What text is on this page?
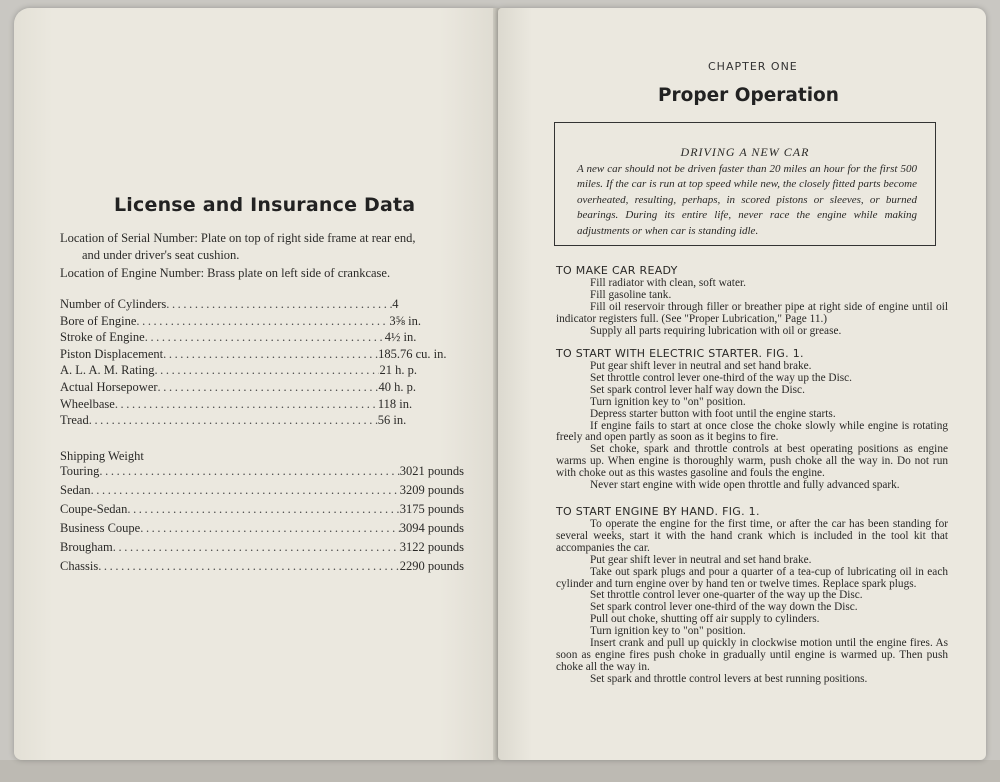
License and Insurance Data
Location of Serial Number: Plate on top of right side frame at rear end,
and under driver's seat cushion.
Location of Engine Number: Brass plate on left side of crankcase.
Number of Cylinders .....	4
Bore of Engine .....	3⅝ in.
Stroke of Engine .....	4½ in.
Piston Displacement .....	185.76 cu. in.
A. L. A. M. Rating .....	21 h. p.
Actual Horsepower .....	40 h. p.
Wheelbase .....	118 in.
Tread .....	56 in.
Shipping Weight
Touring .....	3021 pounds
Sedan .....	3209 pounds
Coupe-Sedan .....	3175 pounds
Business Coupe .....	3094 pounds
Brougham .....	3122 pounds
Chassis .....	2290 pounds
CHAPTER ONE
Proper Operation
DRIVING A NEW CAR
A new car should not be driven faster than 20 miles an hour for the first 500 miles. If the car is run at top speed while new, the closely fitted parts become overheated, resulting, perhaps, in scored pistons or sleeves, or burned bearings. During its entire life, never race the engine while making adjustments or when car is standing idle.
TO MAKE CAR READY

Fill radiator with clean, soft water.

Fill gasoline tank.

Fill oil reservoir through filler or breather pipe at right side of engine until oil indicator registers full. (See "Proper Lubrication," Page 11.)

Supply all parts requiring lubrication with oil or grease.

TO START WITH ELECTRIC STARTER. FIG. 1.

Put gear shift lever in neutral and set hand brake.

Set throttle control lever one-third of the way up the Disc.

Set spark control lever half way down the Disc.

Turn ignition key to "on" position.

Depress starter button with foot until the engine starts.

If engine fails to start at once close the choke slowly while engine is rotating freely and open partly as soon as it begins to fire.

Set choke, spark and throttle controls at best operating positions as engine warms up. When engine is thoroughly warm, push choke all the way in. Do not run with choke out as this wastes gasoline and fouls the engine.

Never start engine with wide open throttle and fully advanced spark.

TO START ENGINE BY HAND. FIG. 1.

To operate the engine for the first time, or after the car has been standing for several weeks, start it with the hand crank which is included in the tool kit that accompanies the car.

Put gear shift lever in neutral and set hand brake.

Take out spark plugs and pour a quarter of a tea-cup of lubricating oil in each cylinder and turn engine over by hand ten or twelve times. Replace spark plugs.

Set throttle control lever one-quarter of the way up the Disc.

Set spark control lever one-third of the way down the Disc.

Pull out choke, shutting off air supply to cylinders.

Turn ignition key to "on" position.

Insert crank and pull up quickly in clockwise motion until the engine fires. As soon as engine fires push choke in gradually until engine is warmed up. Then push choke all the way in.

Set spark and throttle control levers at best running positions.
